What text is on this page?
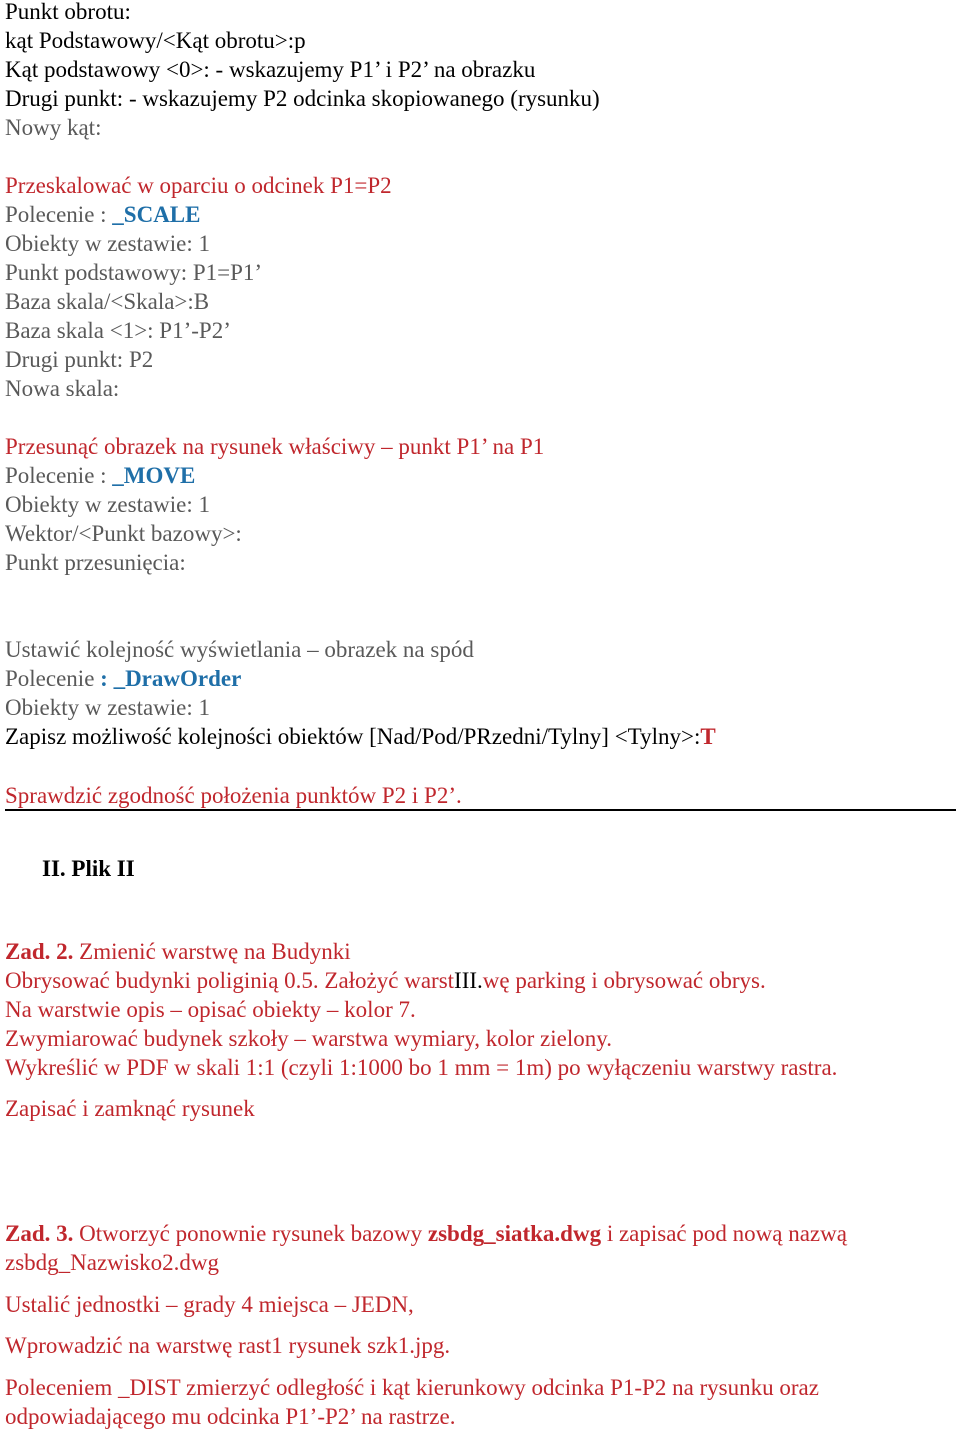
Punkt obrotu:
kąt Podstawowy/<Kąt obrotu>:p
Kąt podstawowy <0>: - wskazujemy P1’ i P2’ na obrazku
Drugi punkt: - wskazujemy P2 odcinka skopiowanego (rysunku)
Nowy kąt:
Przeskalować w oparciu o odcinek P1=P2
Polecenie : _SCALE
Obiekty w zestawie: 1
Punkt podstawowy: P1=P1’
Baza skala/<Skala>:B
Baza skala <1>: P1’-P2’
Drugi punkt: P2
Nowa skala:
Przesunąć obrazek na rysunek właściwy – punkt P1’ na P1
Polecenie : _MOVE
Obiekty w zestawie: 1
Wektor/<Punkt bazowy>:
Punkt przesunięcia:
Ustawić kolejność wyświetlania – obrazek na spód
Polecenie : _DrawOrder
Obiekty w zestawie: 1
Zapisz możliwość kolejności obiektów [Nad/Pod/PRzedni/Tylny] <Tylny>:T
Sprawdzić zgodność położenia punktów P2 i P2’.
II. Plik II
Zad. 2. Zmienić warstwę na Budynki
Obrysować budynki poliginią 0.5. Założyć warstIII.wę parking i obrysować obrys.
Na warstwie opis – opisać obiekty – kolor 7.
Zwymiarować budynek szkoły – warstwa wymiary, kolor zielony.
Wykreślić w PDF w skali 1:1 (czyli 1:1000 bo 1 mm = 1m) po wyłączeniu warstwy rastra.
Zapisać i zamknąć rysunek
Zad. 3. Otworzyć ponownie rysunek bazowy zsbdg_siatka.dwg i zapisać pod nową nazwą
zsbdg_Nazwisko2.dwg
Ustalić jednostki – grady 4 miejsca – JEDN,
Wprowadzić na warstwę rast1 rysunek szk1.jpg.
Poleceniem _DIST zmierzyć odległość i kąt kierunkowy odcinka P1-P2 na rysunku oraz
odpowiadającego mu odcinka P1’-P2’ na rastrze.
